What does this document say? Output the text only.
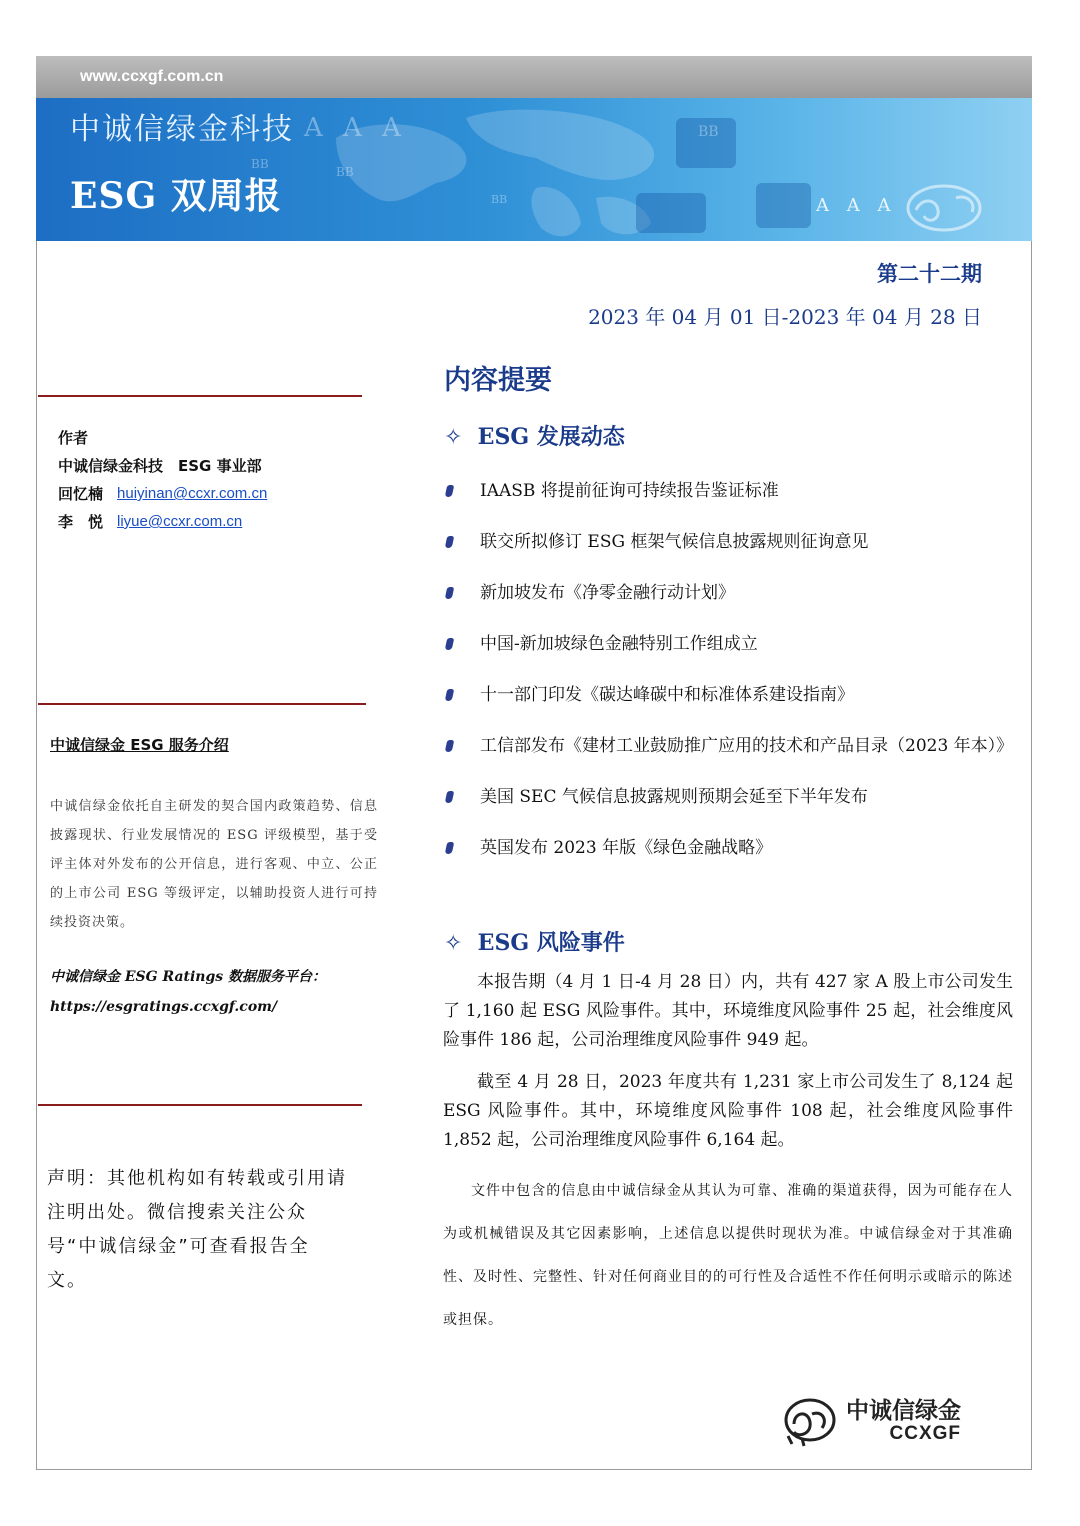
www.ccxgf.com.cn
A A A
A A A
BB
BB
BB
BB
中诚信绿金科技
ESG 双周报
第二十二期
2023 年 04 月 01 日-2023 年 04 月 28 日
作者
中诚信绿金科技　ESG 事业部
回忆楠 huiyinan@ccxr.com.cn
李　悦 liyue@ccxr.com.cn
中诚信绿金 ESG 服务介绍
中诚信绿金依托自主研发的契合国内政策趋势、信息披露现状、行业发展情况的 ESG 评级模型，基于受评主体对外发布的公开信息，进行客观、中立、公正的上市公司 ESG 等级评定，以辅助投资人进行可持续投资决策。
中诚信绿金 ESG Ratings 数据服务平台：
https://esgratings.ccxgf.com/
声明：其他机构如有转载或引用请注明出处。微信搜索关注公众号“中诚信绿金”可查看报告全文。
内容提要
✧ ESG 发展动态
IAASB 将提前征询可持续报告鉴证标准
联交所拟修订 ESG 框架气候信息披露规则征询意见
新加坡发布《净零金融行动计划》
中国-新加坡绿色金融特别工作组成立
十一部门印发《碳达峰碳中和标准体系建设指南》
工信部发布《建材工业鼓励推广应用的技术和产品目录（2023 年本）》
美国 SEC 气候信息披露规则预期会延至下半年发布
英国发布 2023 年版《绿色金融战略》
✧ ESG 风险事件
本报告期（4 月 1 日-4 月 28 日）内，共有 427 家 A 股上市公司发生了 1,160 起 ESG 风险事件。其中，环境维度风险事件 25 起，社会维度风险事件 186 起，公司治理维度风险事件 949 起。
截至 4 月 28 日，2023 年度共有 1,231 家上市公司发生了 8,124 起 ESG 风险事件。其中，环境维度风险事件 108 起，社会维度风险事件 1,852 起，公司治理维度风险事件 6,164 起。
文件中包含的信息由中诚信绿金从其认为可靠、准确的渠道获得，因为可能存在人为或机械错误及其它因素影响，上述信息以提供时现状为准。中诚信绿金对于其准确性、及时性、完整性、针对任何商业目的的可行性及合适性不作任何明示或暗示的陈述或担保。
中诚信绿金
CCXGF
